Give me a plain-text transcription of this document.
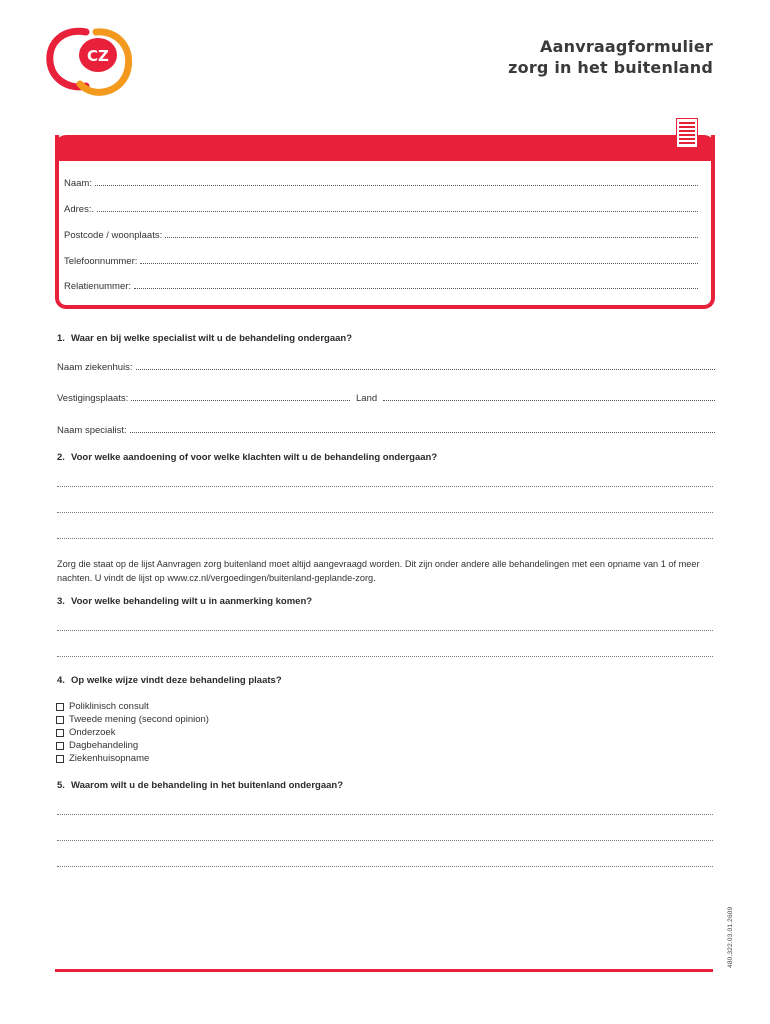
CZ	Aanvraagformulier
zorg in het buitenland
Naam:
Adres:.
Postcode / woonplaats:
Telefoonnummer:
Relatienummer:
1. Waar en bij welke specialist wilt u de behandeling ondergaan?
Naam ziekenhuis:
Vestigingsplaats:	Land
Naam specialist:
2. Voor welke aandoening of voor welke klachten wilt u de behandeling ondergaan?
Zorg die staat op de lijst Aanvragen zorg buitenland moet altijd aangevraagd worden. Dit zijn onder andere alle behandelingen met een opname van 1 of meer
nachten. U vindt de lijst op www.cz.nl/vergoedingen/buitenland-geplande-zorg.
3. Voor welke behandeling wilt u in aanmerking komen?
4. Op welke wijze vindt deze behandeling plaats?
Poliklinisch consult
Tweede mening (second opinion)
Onderzoek
Dagbehandeling
Ziekenhuisopname
5. Waarom wilt u de behandeling in het buitenland ondergaan?
480.322.03.01.2609
